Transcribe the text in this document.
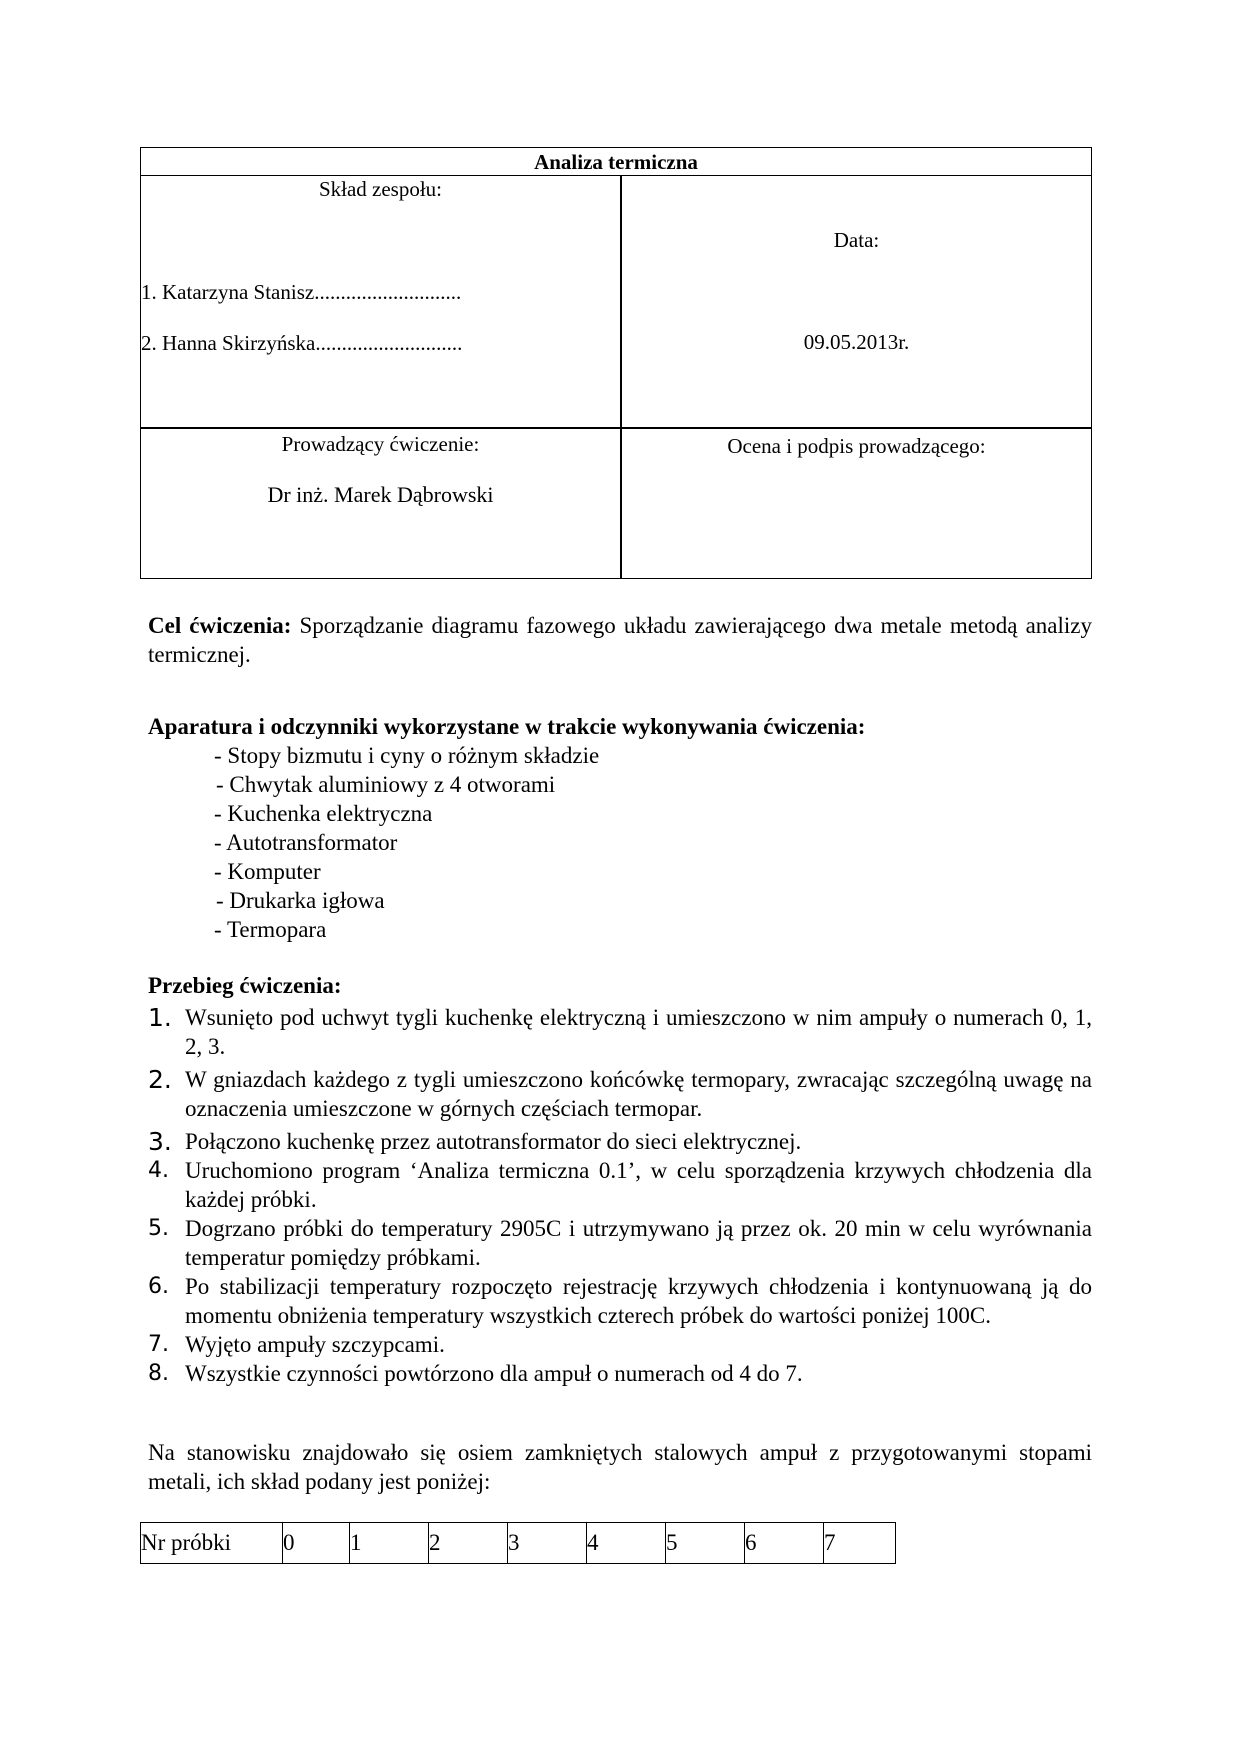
Analiza termiczna
Skład zespołu:
1. Katarzyna Stanisz............................
2. Hanna Skirzyńska............................
Data:
09.05.2013r.
Prowadzący ćwiczenie:
Dr inż. Marek Dąbrowski
Ocena i podpis prowadzącego:
Cel ćwiczenia: Sporządzanie diagramu fazowego układu zawierającego dwa metale metodą analizy termicznej.
Aparatura i odczynniki wykorzystane w trakcie wykonywania ćwiczenia:
- Stopy bizmutu i cyny o różnym składzie
- Chwytak aluminiowy z 4 otworami
- Kuchenka elektryczna
- Autotransformator
- Komputer
- Drukarka igłowa
- Termopara
Przebieg ćwiczenia:
1. Wsunięto pod uchwyt tygli kuchenkę elektryczną i umieszczono w nim ampuły o numerach 0, 1, 2, 3.
2. W gniazdach każdego z tygli umieszczono końcówkę termopary, zwracając szczególną uwagę na oznaczenia umieszczone w górnych częściach termopar.
3. Połączono kuchenkę przez autotransformator do sieci elektrycznej.
4. Uruchomiono program ‘Analiza termiczna 0.1’, w celu sporządzenia krzywych chłodzenia dla każdej próbki.
5. Dogrzano próbki do temperatury 2905C i utrzymywano ją przez ok. 20 min w celu wyrównania temperatur pomiędzy próbkami.
6. Po stabilizacji temperatury rozpoczęto rejestrację krzywych chłodzenia i kontynuowaną ją do momentu obniżenia temperatury wszystkich czterech próbek do wartości poniżej 100C.
7. Wyjęto ampuły szczypcami.
8. Wszystkie czynności powtórzono dla ampuł o numerach od 4 do 7.
Na stanowisku znajdowało się osiem zamkniętych stalowych ampuł z przygotowanymi stopami metali, ich skład podany jest poniżej:
Nr próbki	0	1	2	3	4	5	6	7
